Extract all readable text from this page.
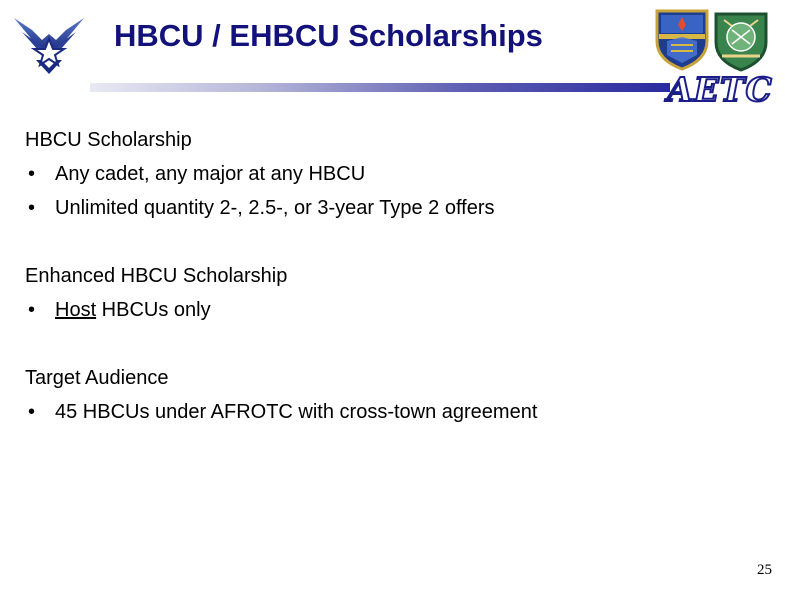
HBCU / EHBCU Scholarships
AETC
HBCU Scholarship
• Any cadet, any major at any HBCU
• Unlimited quantity 2-, 2.5-, or 3-year Type 2 offers
Enhanced HBCU Scholarship
• Host HBCUs only
Target Audience
• 45 HBCUs under AFROTC with cross-town agreement
25
